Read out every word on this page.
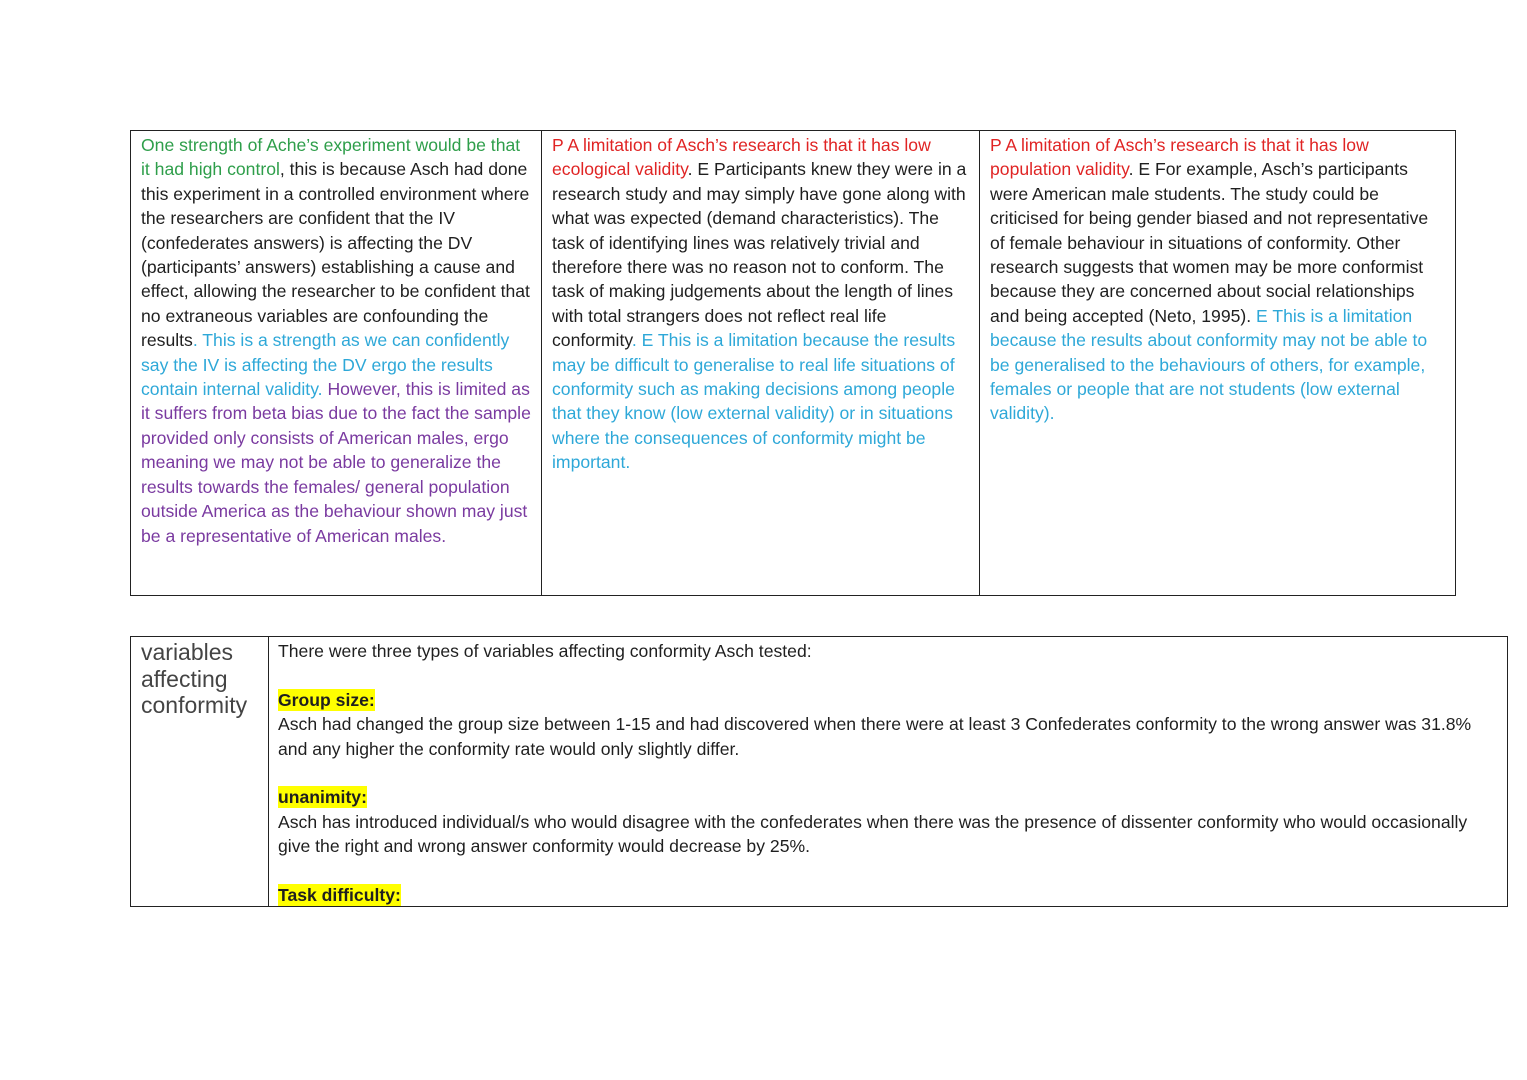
One strength of Ache’s experiment would be that it had high control, this is because Asch had done this experiment in a controlled environment where the researchers are confident that the IV (confederates answers) is affecting the DV (participants’ answers) establishing a cause and effect, allowing the researcher to be confident that no extraneous variables are confounding the results. This is a strength as we can confidently say the IV is affecting the DV ergo the results contain internal validity. However, this is limited as it suffers from beta bias due to the fact the sample provided only consists of American males, ergo meaning we may not be able to generalize the results towards the females/ general population outside America as the behaviour shown may just be a representative of American males.
P A limitation of Asch’s research is that it has low ecological validity. E Participants knew they were in a research study and may simply have gone along with what was expected (demand characteristics). The task of identifying lines was relatively trivial and therefore there was no reason not to conform. The task of making judgements about the length of lines with total strangers does not reflect real life conformity. E This is a limitation because the results may be difficult to generalise to real life situations of conformity such as making decisions among people that they know (low external validity) or in situations where the consequences of conformity might be important.
P A limitation of Asch’s research is that it has low population validity. E For example, Asch’s participants were American male students. The study could be criticised for being gender biased and not representative of female behaviour in situations of conformity. Other research suggests that women may be more conformist because they are concerned about social relationships and being accepted (Neto, 1995). E This is a limitation because the results about conformity may not be able to be generalised to the behaviours of others, for example, females or people that are not students (low external validity).
variables affecting conformity

There were three types of variables affecting conformity Asch tested:

Group size:

Asch had changed the group size between 1-15 and had discovered when there were at least 3 Confederates conformity to the wrong answer was 31.8% and any higher the conformity rate would only slightly differ.

unanimity:

Asch has introduced individual/s who would disagree with the confederates when there was the presence of dissenter conformity who would occasionally give the right and wrong answer conformity would decrease by 25%.

Task difficulty:
